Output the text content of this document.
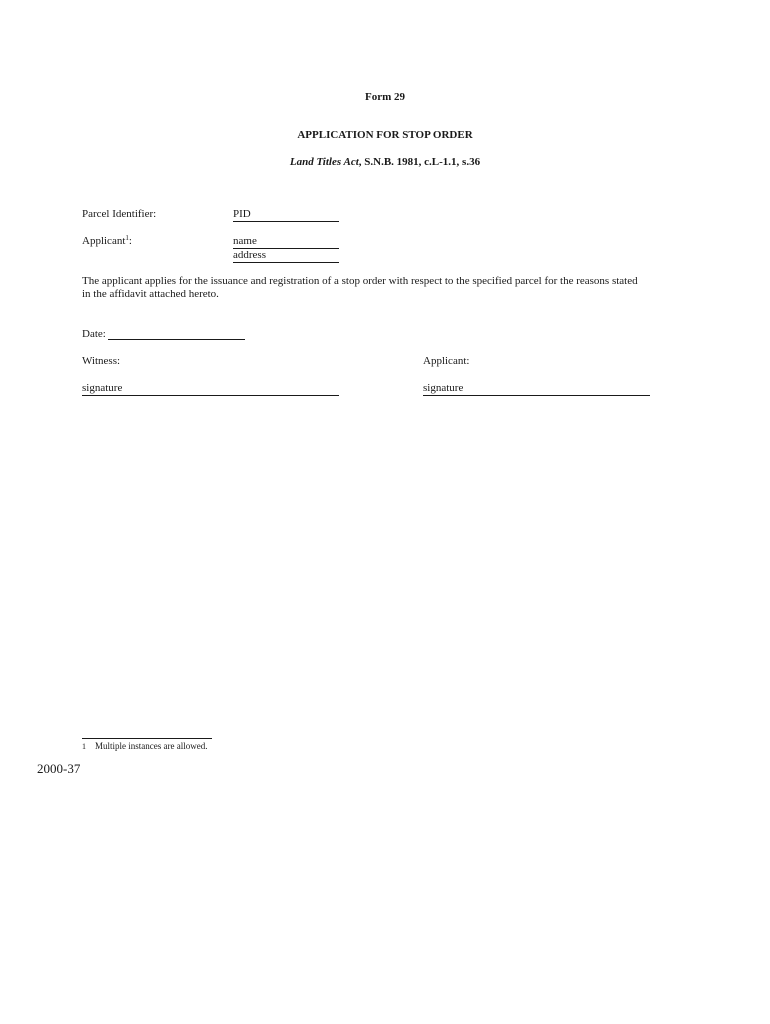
Form 29
APPLICATION FOR STOP ORDER
Land Titles Act, S.N.B. 1981, c.L-1.1, s.36
Parcel Identifier:	PID
Applicant$^1$:	name
address
The applicant applies for the issuance and registration of a stop order with respect to the specified parcel for the reasons stated
in the affidavit attached hereto.
Date:
Witness:	Applicant:
signature	signature
1 Multiple instances are allowed.
2000-37
